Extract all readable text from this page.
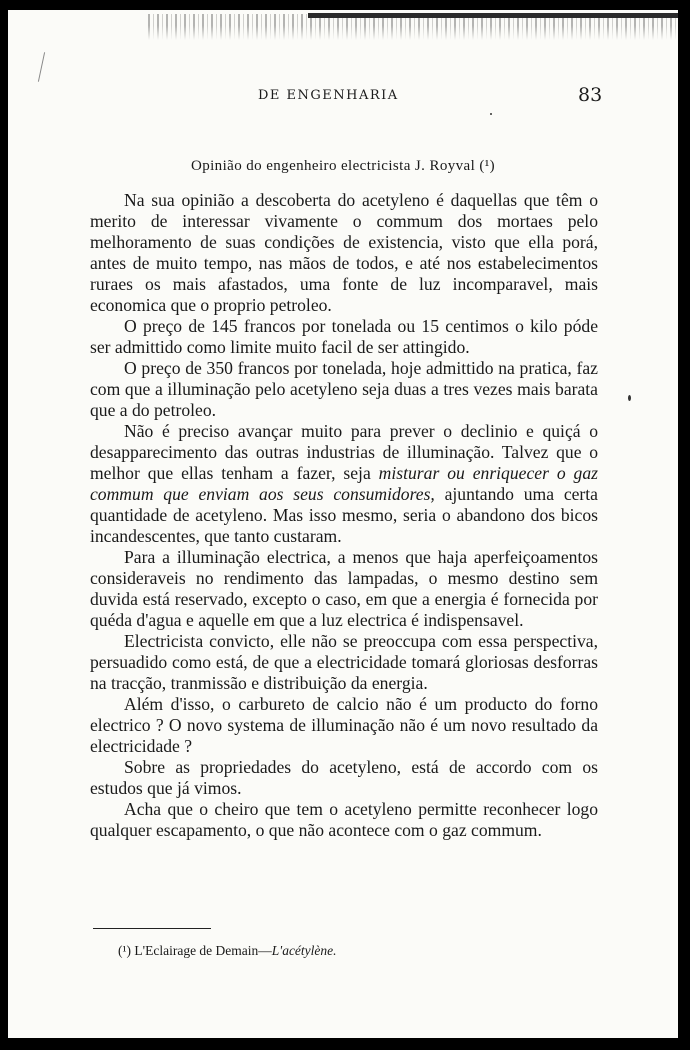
DE ENGENHARIA	83
Opinião do engenheiro electricista J. Royval (¹)

Na sua opinião a descoberta do acetyleno é daquellas que têm o merito de interessar vivamente o commum dos mortaes pelo melhoramento de suas condições de existencia, visto que ella porá, antes de muito tempo, nas mãos de todos, e até nos estabelecimentos ruraes os mais afastados, uma fonte de luz incomparavel, mais economica que o proprio petroleo.

O preço de 145 francos por tonelada ou 15 centimos o kilo póde ser admittido como limite muito facil de ser attingido.

O preço de 350 francos por tonelada, hoje admittido na pratica, faz com que a illuminação pelo acetyleno seja duas a tres vezes mais barata que a do petroleo.

Não é preciso avançar muito para prever o declinio e quiçá o desapparecimento das outras industrias de illuminação. Talvez que o melhor que ellas tenham a fazer, seja misturar ou enriquecer o gaz commum que enviam aos seus consumidores, ajuntando uma certa quantidade de acetyleno. Mas isso mesmo, seria o abandono dos bicos incandescentes, que tanto custaram.

Para a illuminação electrica, a menos que haja aperfeiçoamentos consideraveis no rendimento das lampadas, o mesmo destino sem duvida está reservado, excepto o caso, em que a energia é fornecida por quéda d'agua e aquelle em que a luz electrica é indispensavel.

Electricista convicto, elle não se preoccupa com essa perspectiva, persuadido como está, de que a electricidade tomará gloriosas desforras na tracção, tranmissão e distribuição da energia.

Além d'isso, o carbureto de calcio não é um producto do forno electrico ? O novo systema de illuminação não é um novo resultado da electricidade ?

Sobre as propriedades do acetyleno, está de accordo com os estudos que já vimos.

Acha que o cheiro que tem o acetyleno permitte reconhecer logo qualquer escapamento, o que não acontece com o gaz commum.

(¹) L'Eclairage de Demain—L'acétylène.
